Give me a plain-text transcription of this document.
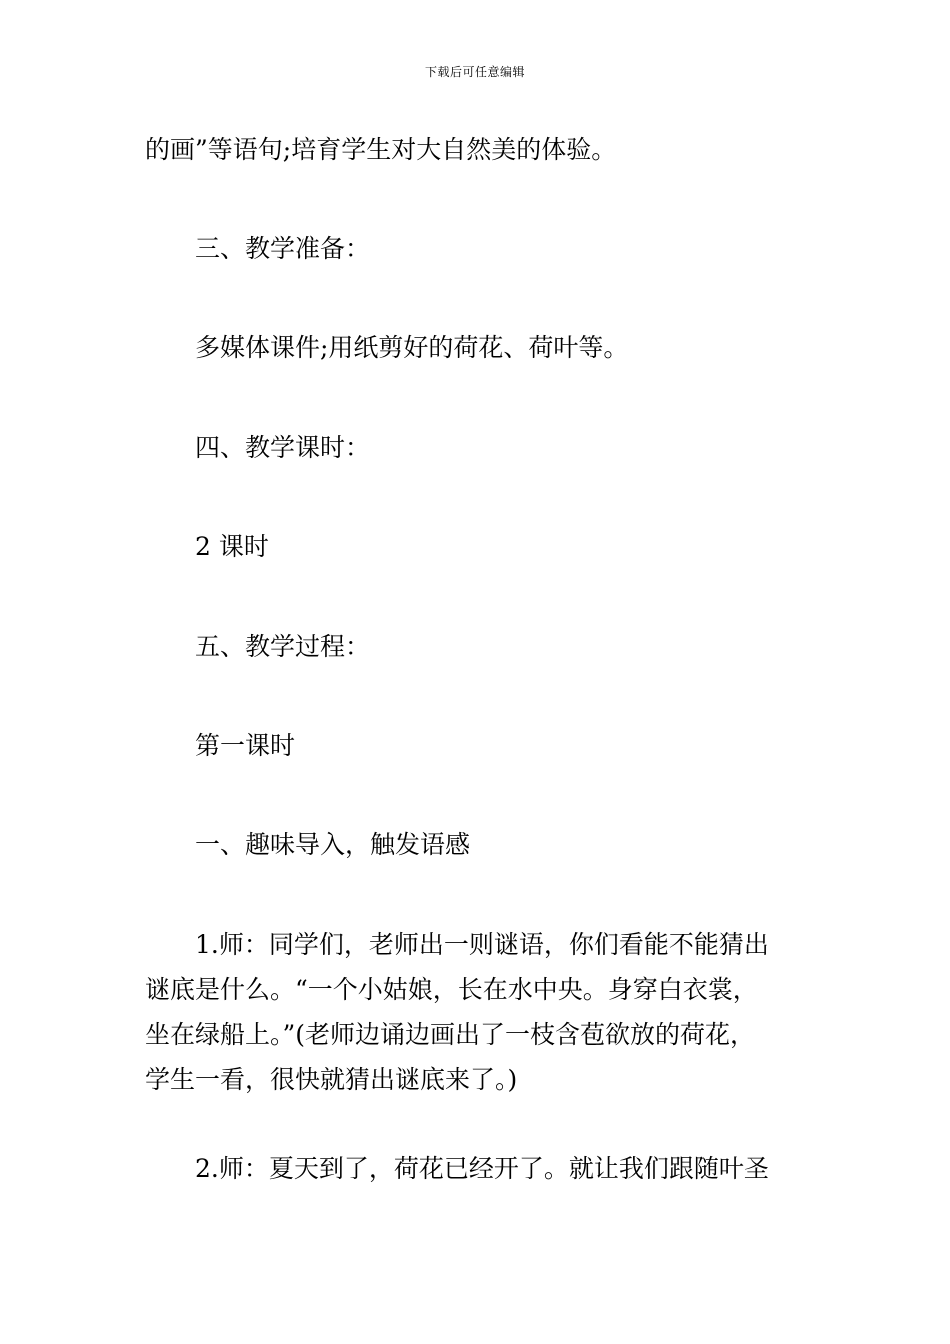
下载后可任意编辑
的画”等语句;培育学生对大自然美的体验。
三、教学准备：
多媒体课件;用纸剪好的荷花、荷叶等。
四、教学课时：
2 课时
五、教学过程：
第一课时
一、趣味导入，触发语感
1.师：同学们，老师出一则谜语，你们看能不能猜出
谜底是什么。“一个小姑娘，长在水中央。身穿白衣裳，
坐在绿船上。”(老师边诵边画出了一枝含苞欲放的荷花，
学生一看，很快就猜出谜底来了。)
2.师：夏天到了，荷花已经开了。就让我们跟随叶圣
